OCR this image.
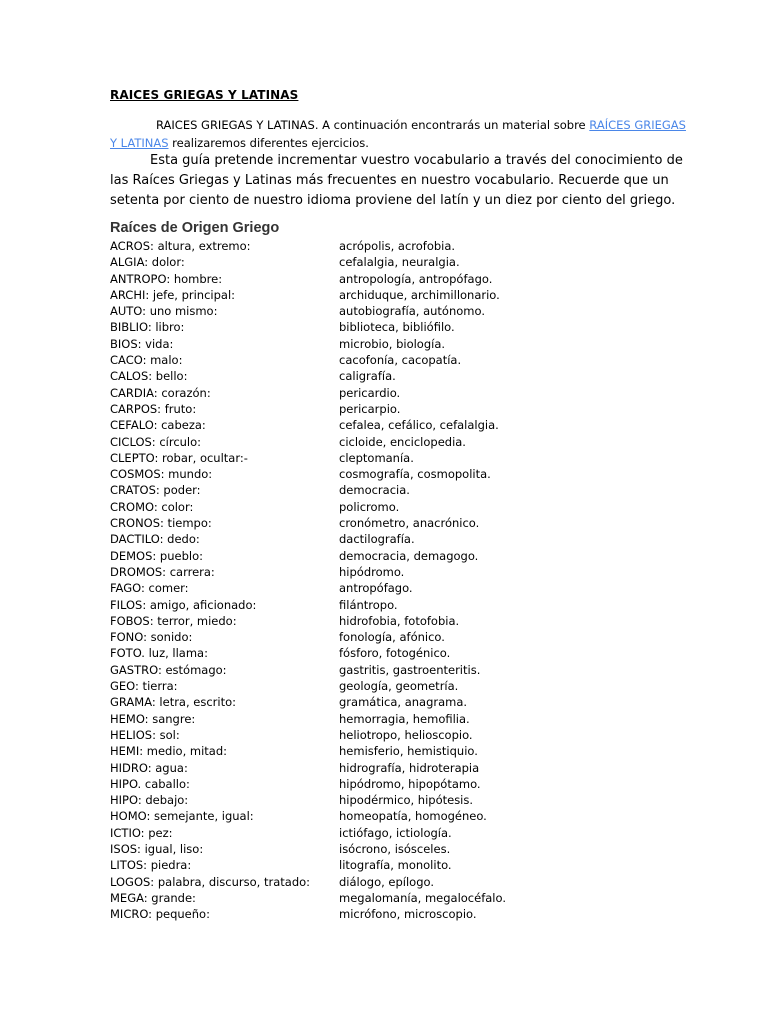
RAICES GRIEGAS Y LATINAS
RAICES GRIEGAS Y LATINAS. A continuación encontrarás un material sobre RAÍCES GRIEGAS Y LATINAS realizaremos diferentes ejercicios.
Esta guía pretende incrementar vuestro vocabulario a través del conocimiento de las Raíces Griegas y Latinas más frecuentes en nuestro vocabulario. Recuerde que un setenta por ciento de nuestro idioma proviene del latín y un diez por ciento del griego.
Raíces de Origen Griego
ACROS: altura, extremo:	acrópolis, acrofobia.
ALGIA: dolor:	cefalalgia, neuralgia.
ANTROPO: hombre:	antropología, antropófago.
ARCHI: jefe, principal:	archiduque, archimillonario.
AUTO: uno mismo:	autobiografía, autónomo.
BIBLIO: libro:	biblioteca, bibliófilo.
BIOS: vida:	microbio, biología.
CACO: malo:	cacofonía, cacopatía.
CALOS: bello:	caligrafía.
CARDIA: corazón:	pericardio.
CARPOS: fruto:	pericarpio.
CEFALO: cabeza:	cefalea, cefálico, cefalalgia.
CICLOS: círculo:	cicloide, enciclopedia.
CLEPTO: robar, ocultar:-	cleptomanía.
COSMOS: mundo:	cosmografía, cosmopolita.
CRATOS: poder:	democracia.
CROMO: color:	policromo.
CRONOS: tiempo:	cronómetro, anacrónico.
DACTILO: dedo:	dactilografía.
DEMOS: pueblo:	democracia, demagogo.
DROMOS: carrera:	hipódromo.
FAGO: comer:	antropófago.
FILOS: amigo, aficionado:	filántropo.
FOBOS: terror, miedo:	hidrofobia, fotofobia.
FONO: sonido:	fonología, afónico.
FOTO. luz, llama:	fósforo, fotogénico.
GASTRO: estómago:	gastritis, gastroenteritis.
GEO: tierra:	geología, geometría.
GRAMA: letra, escrito:	gramática, anagrama.
HEMO: sangre:	hemorragia, hemofilia.
HELIOS: sol:	heliotropo, helioscopio.
HEMI: medio, mitad:	hemisferio, hemistiquio.
HIDRO: agua:	hidrografía, hidroterapia
HIPO. caballo:	hipódromo, hipopótamo.
HIPO: debajo:	hipodérmico, hipótesis.
HOMO: semejante, igual:	homeopatía, homogéneo.
ICTIO: pez:	ictiófago, ictiología.
ISOS: igual, liso:	isócrono, isósceles.
LITOS: piedra:	litografía, monolito.
LOGOS: palabra, discurso, tratado:	diálogo, epílogo.
MEGA: grande:	megalomanía, megalocéfalo.
MICRO: pequeño:	micrófono, microscopio.
